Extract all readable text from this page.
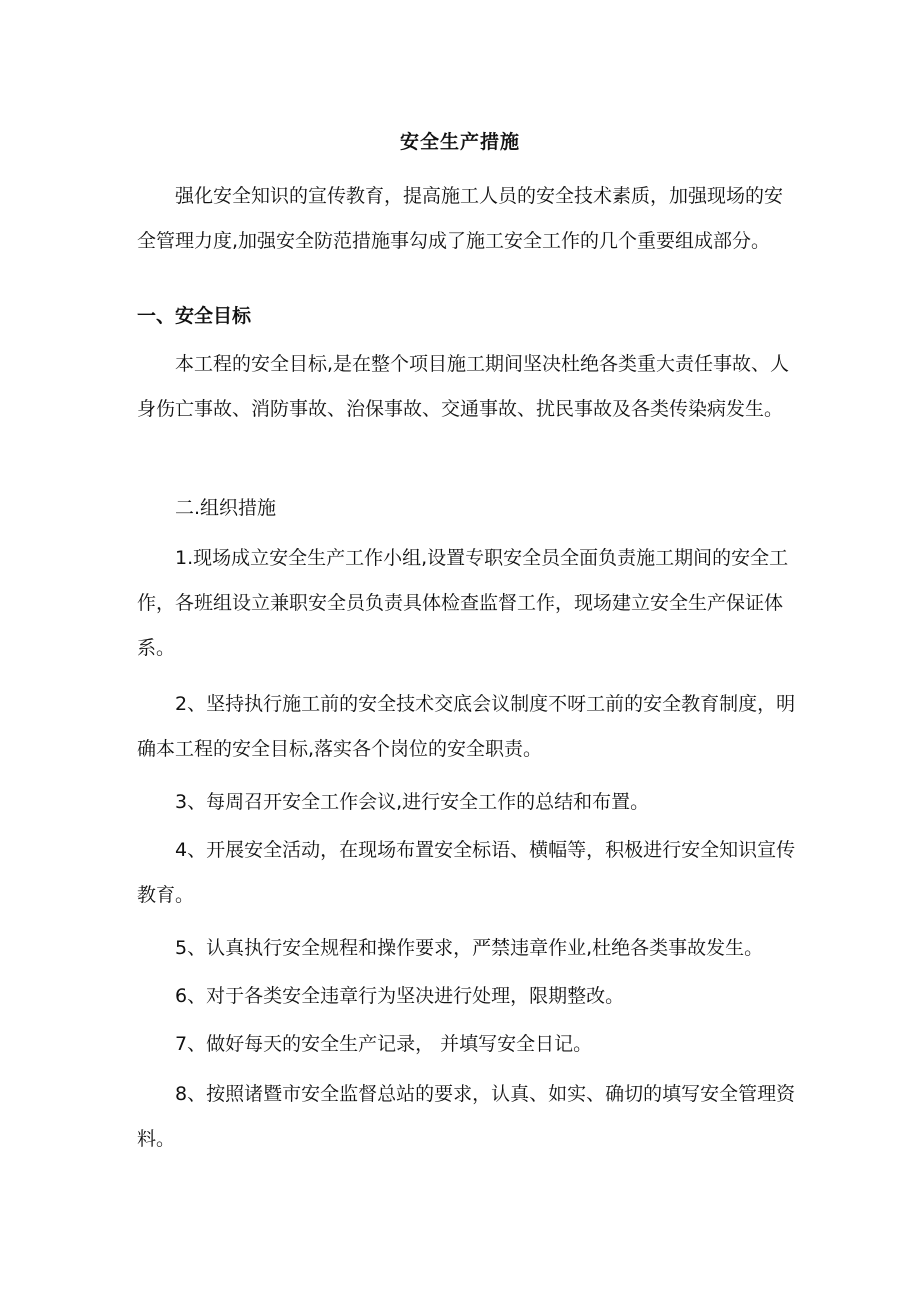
安全生产措施
强化安全知识的宣传教育，提高施工人员的安全技术素质，加强现场的安全管理力度,加强安全防范措施事勾成了施工安全工作的几个重要组成部分。
一、安全目标
本工程的安全目标,是在整个项目施工期间坚决杜绝各类重大责任事故、人身伤亡事故、消防事故、治保事故、交通事故、扰民事故及各类传染病发生。
二.组织措施
1.现场成立安全生产工作小组,设置专职安全员全面负责施工期间的安全工作，各班组设立兼职安全员负责具体检查监督工作，现场建立安全生产保证体系。
2、坚持执行施工前的安全技术交底会议制度不呀工前的安全教育制度，明确本工程的安全目标,落实各个岗位的安全职责。
3、每周召开安全工作会议,进行安全工作的总结和布置。
4、开展安全活动，在现场布置安全标语、横幅等，积极进行安全知识宣传教育。
5、认真执行安全规程和操作要求，严禁违章作业,杜绝各类事故发生。
6、对于各类安全违章行为坚决进行处理，限期整改。
7、做好每天的安全生产记录， 并填写安全日记。
8、按照诸暨市安全监督总站的要求，认真、如实、确切的填写安全管理资料。
